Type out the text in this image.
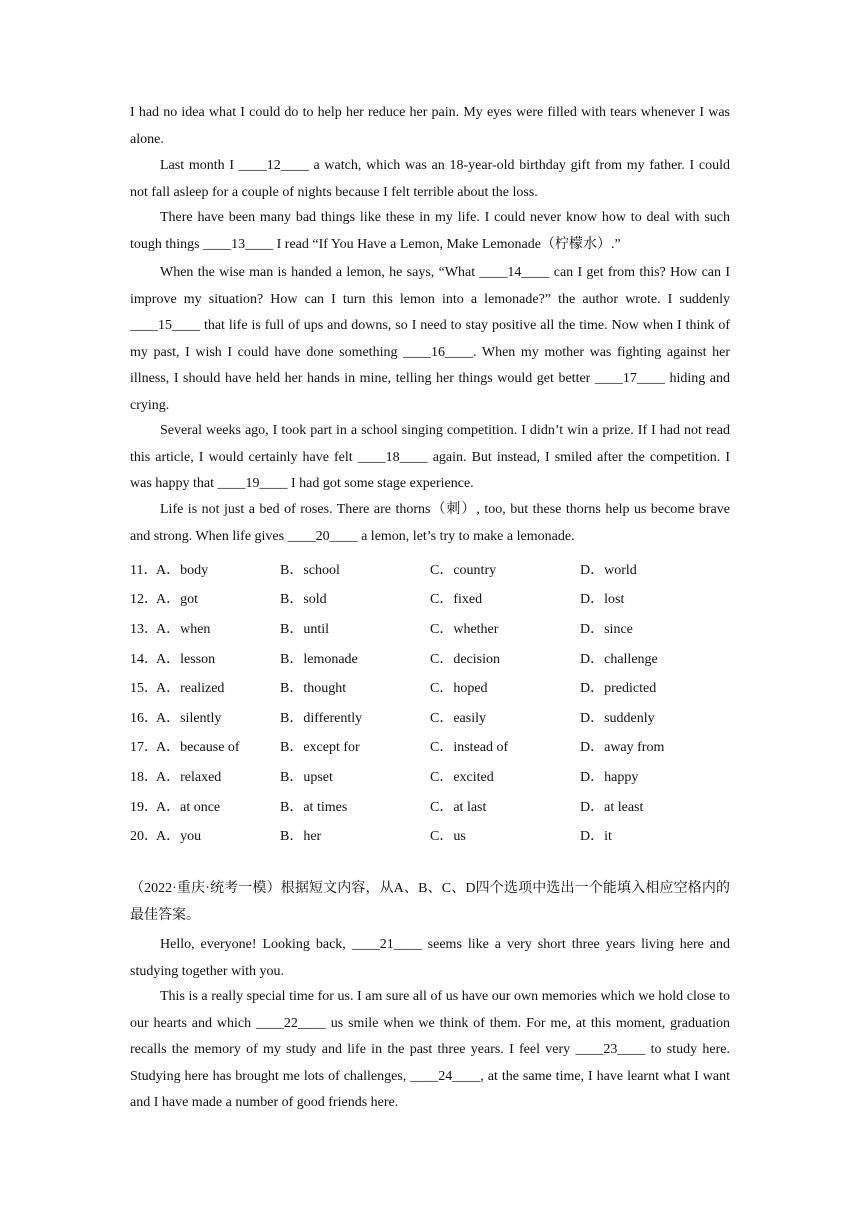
I had no idea what I could do to help her reduce her pain. My eyes were filled with tears whenever I was alone.

Last month I ____12____ a watch, which was an 18-year-old birthday gift from my father. I could not fall asleep for a couple of nights because I felt terrible about the loss.

There have been many bad things like these in my life. I could never know how to deal with such tough things ____13____ I read “If You Have a Lemon, Make Lemonade（柠檬水）.”

When the wise man is handed a lemon, he says, “What ____14____ can I get from this? How can I improve my situation? How can I turn this lemon into a lemonade?” the author wrote. I suddenly ____15____ that life is full of ups and downs, so I need to stay positive all the time. Now when I think of my past, I wish I could have done something ____16____. When my mother was fighting against her illness, I should have held her hands in mine, telling her things would get better ____17____ hiding and crying.

Several weeks ago, I took part in a school singing competition. I didn’t win a prize. If I had not read this article, I would certainly have felt ____18____ again. But instead, I smiled after the competition. I was happy that ____19____ I had got some stage experience.

Life is not just a bed of roses. There are thorns（刺）, too, but these thorns help us become brave and strong. When life gives ____20____ a lemon, let’s try to make a lemonade.

11．
A．body	B．school	C．country	D．world
12．
A．got	B．sold	C．fixed	D．lost
13．
A．when	B．until	C．whether	D．since
14．
A．lesson	B．lemonade	C．decision	D．challenge
15．
A．realized	B．thought	C．hoped	D．predicted
16．
A．silently	B．differently	C．easily	D．suddenly
17．
A．because of	B．except for	C．instead of	D．away from
18．
A．relaxed	B．upset	C．excited	D．happy
19．
A．at once	B．at times	C．at last	D．at least
20．
A．you	B．her	C．us	D．it

（2022·重庆·统考一模）根据短文内容，从A、B、C、D四个选项中选出一个能填入相应空格内的最佳答案。

Hello, everyone! Looking back, ____21____ seems like a very short three years living here and studying together with you.

This is a really special time for us. I am sure all of us have our own memories which we hold close to our hearts and which ____22____ us smile when we think of them. For me, at this moment, graduation recalls the memory of my study and life in the past three years. I feel very ____23____ to study here. Studying here has brought me lots of challenges, ____24____, at the same time, I have learnt what I want and I have made a number of good friends here.
